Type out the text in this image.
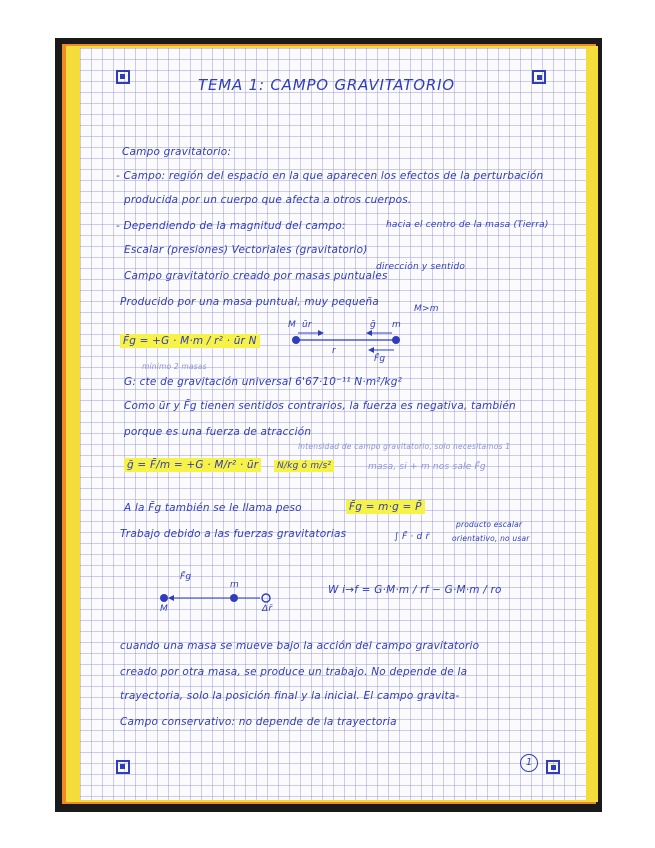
TEMA 1: CAMPO GRAVITATORIO
Campo gravitatorio:
- Campo: región del espacio en la que aparecen los efectos de la perturbación
producida por un cuerpo que afecta a otros cuerpos.
- Dependiendo de la magnitud del campo:	hacia el centro de la masa (Tierra)
Escalar (presiones) Vectoriales (gravitatorio)
Campo gravitatorio creado por masas puntuales
dirección y sentido
Producido por una masa puntual, muy pequeña
M>m
F̄g = +G · M·m / r² · ūr N
M ūr	ḡ m
r
F̄g
mínimo 2 masas
G: cte de gravitación universal 6'67·10⁻¹¹ N·m²/kg²
Como ūr y F̄g tienen sentidos contrarios, la fuerza es negativa, también
porque es una fuerza de atracción
intensidad de campo gravitatorio, solo necesitamos 1
ḡ = F̄/m = +G · M/r² · ūr	N/kg ó m/s²	masa, si + m nos sale F̄g
A la F̄g también se le llama peso	F̄g = m·g = P̄
Trabajo debido a las fuerzas gravitatorias	∫ F̄ · d r̄
producto escalar
orientativo, no usar
F̄g
m
M	Δr̄
W i→f = G·M·m / rf − G·M·m / ro
cuando una masa se mueve bajo la acción del campo gravitatorio
creado por otra masa, se produce un trabajo. No depende de la
trayectoria, solo la posición final y la inicial. El campo gravita-
Campo conservativo: no depende de la trayectoria
1
